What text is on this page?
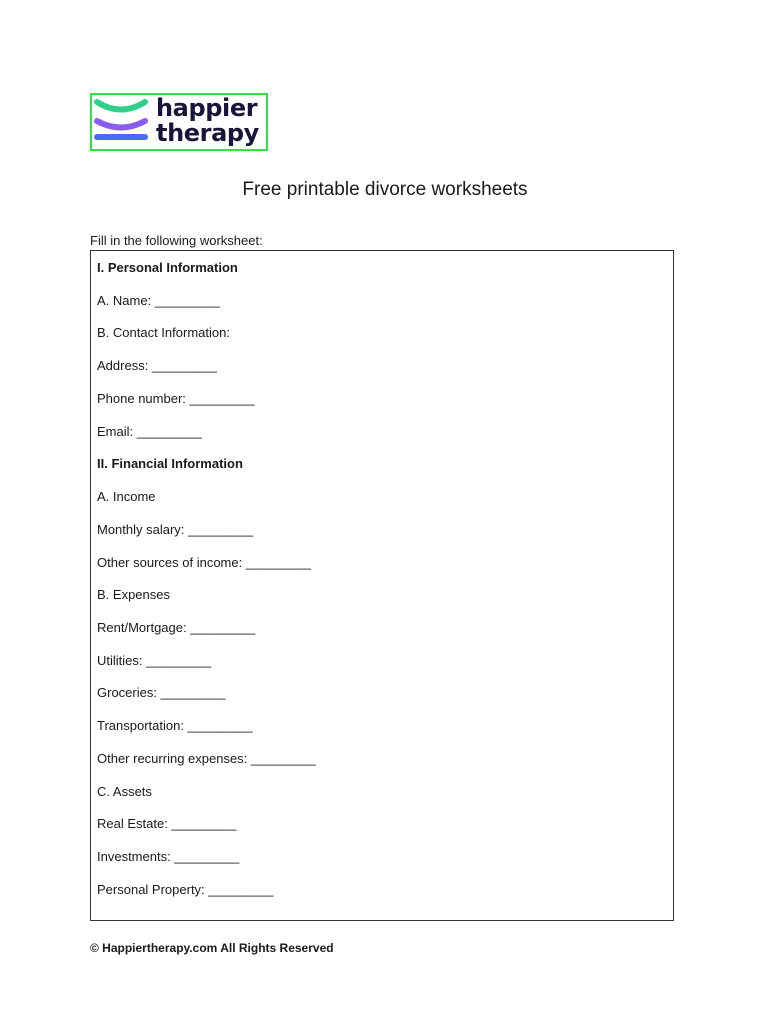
happier
therapy
Free printable divorce worksheets
Fill in the following worksheet:
I. Personal Information
A. Name: _________
B. Contact Information:
Address: _________
Phone number: _________
Email: _________
II. Financial Information
A. Income
Monthly salary: _________
Other sources of income: _________
B. Expenses
Rent/Mortgage: _________
Utilities: _________
Groceries: _________
Transportation: _________
Other recurring expenses: _________
C. Assets
Real Estate: _________
Investments: _________
Personal Property: _________
© Happiertherapy.com All Rights Reserved
